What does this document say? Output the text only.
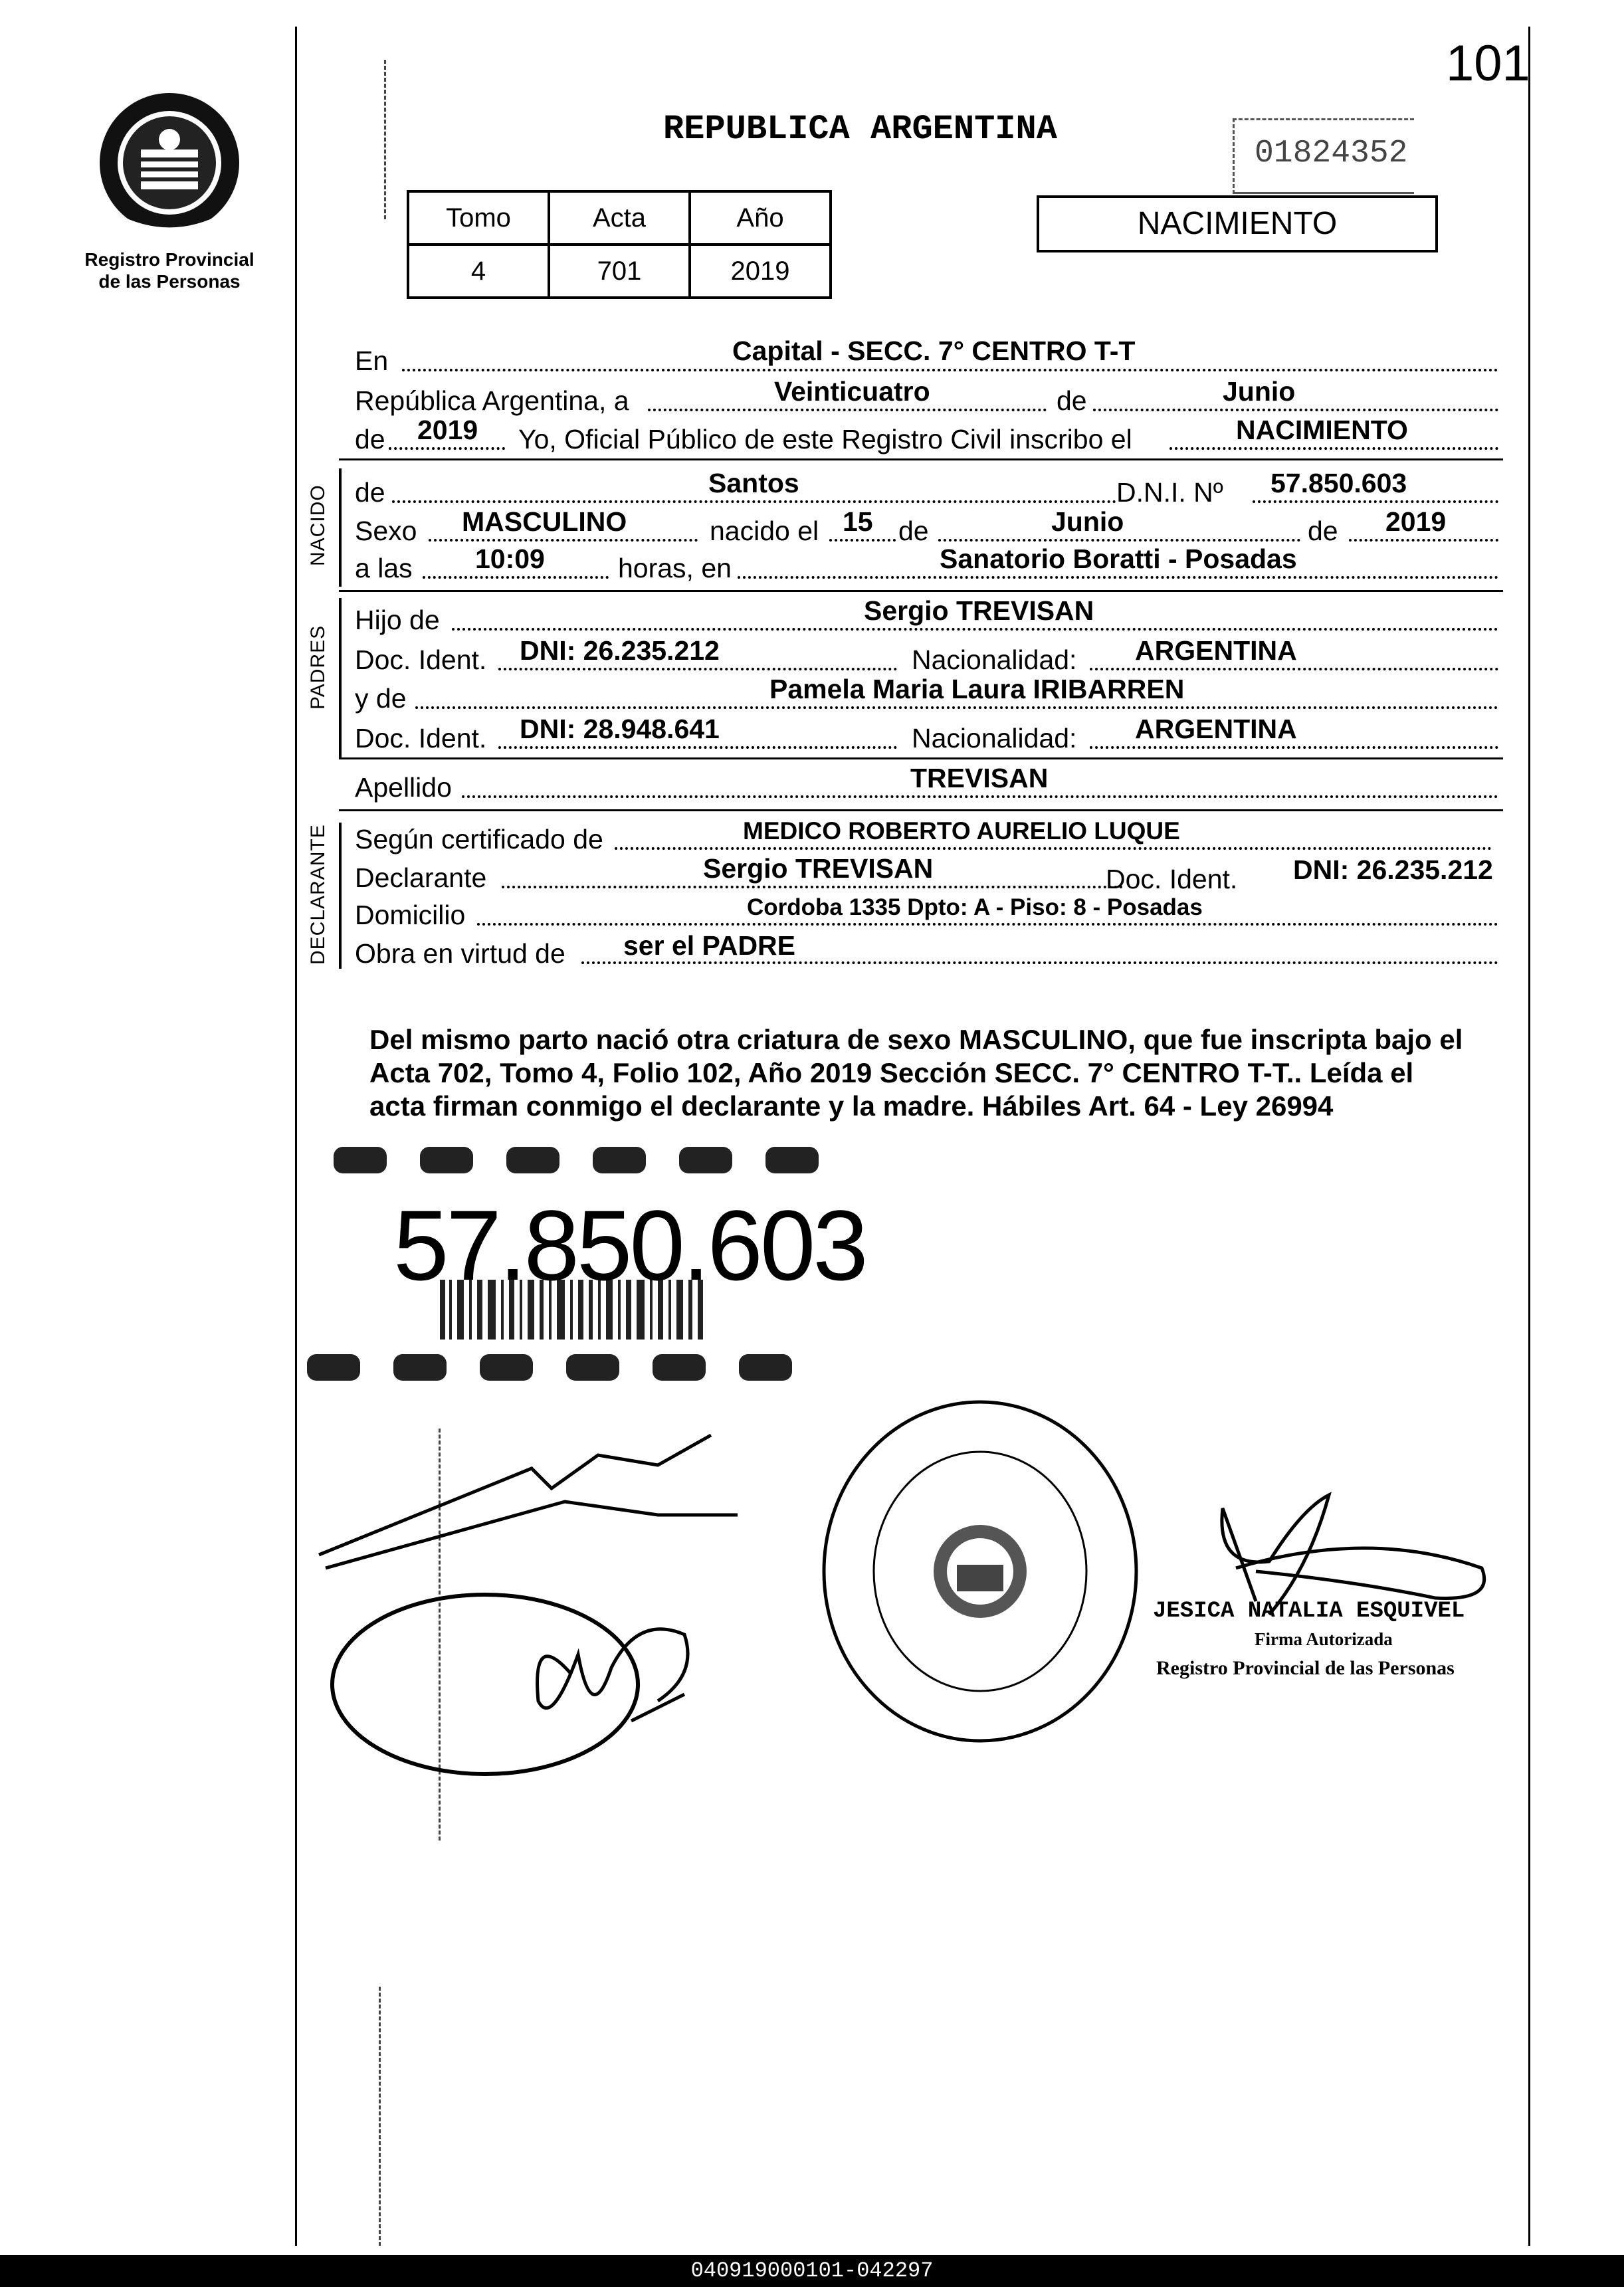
101
Registro Provincial
de las Personas
REPUBLICA ARGENTINA
01824352
NACIMIENTO
Tomo	Acta	Año
4	701	2019
En	Capital - SECC. 7° CENTRO T-T
República Argentina, a	Veinticuatro	de	Junio
de 2019 Yo, Oficial Público de este Registro Civil inscribo el	NACIMIENTO
NACIDO de	Santos	D.N.I. Nº 57.850.603
Sexo MASCULINO	nacido el 15 de	Junio	de 2019
a las 10:09	horas, en	Sanatorio Boratti - Posadas
PADRES
Hijo de	Sergio TREVISAN
Doc. Ident. DNI: 26.235.212	Nacionalidad: ARGENTINA
y de	Pamela Maria Laura IRIBARREN
Doc. Ident. DNI: 28.948.641	Nacionalidad: ARGENTINA
Apellido	TREVISAN
DECLARANTE Según certificado de	MEDICO ROBERTO AURELIO LUQUE
Declarante	Sergio TREVISAN	Doc. Ident. DNI: 26.235.212
Domicilio	Cordoba 1335 Dpto: A - Piso: 8 - Posadas
Obra en virtud de ser el PADRE
Del mismo parto nació otra criatura de sexo MASCULINO, que fue inscripta bajo el
Acta 702, Tomo 4, Folio 102, Año 2019 Sección SECC. 7° CENTRO T-T.. Leída el
acta firman conmigo el declarante y la madre. Hábiles Art. 64 - Ley 26994
57.850.603
JESICA NATALIA ESQUIVEL
Firma Autorizada
Registro Provincial de las Personas
040919000101-042297
